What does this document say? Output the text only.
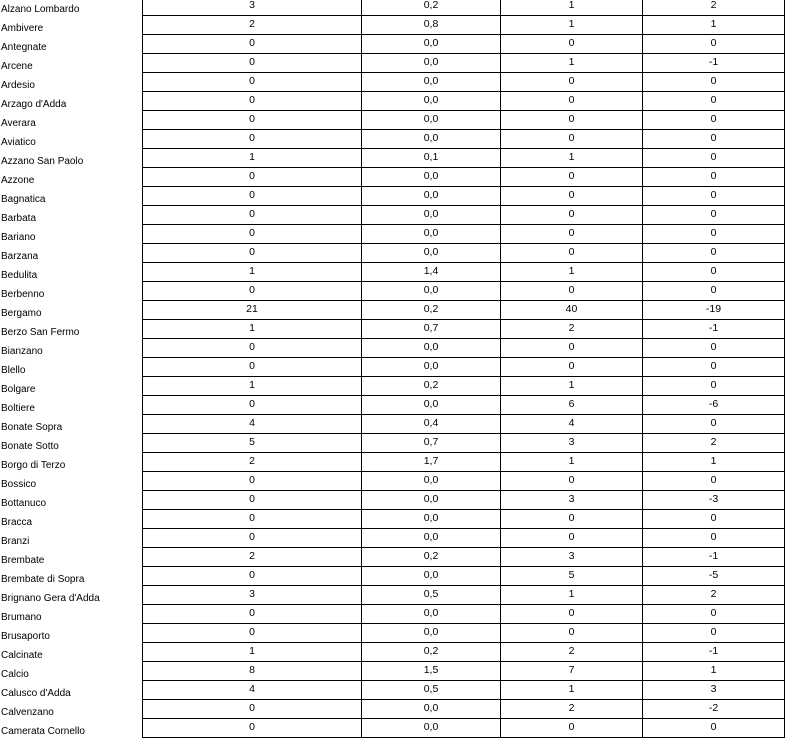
Alzano Lombardo	3	0,2	1	2
Ambivere	2	0,8	1	1
Antegnate	0	0,0	0	0
Arcene	0	0,0	1	-1
Ardesio	0	0,0	0	0
Arzago d'Adda	0	0,0	0	0
Averara	0	0,0	0	0
Aviatico	0	0,0	0	0
Azzano San Paolo	1	0,1	1	0
Azzone	0	0,0	0	0
Bagnatica	0	0,0	0	0
Barbata	0	0,0	0	0
Bariano	0	0,0	0	0
Barzana	0	0,0	0	0
Bedulita	1	1,4	1	0
Berbenno	0	0,0	0	0
Bergamo	21	0,2	40	-19
Berzo San Fermo	1	0,7	2	-1
Bianzano	0	0,0	0	0
Blello	0	0,0	0	0
Bolgare	1	0,2	1	0
Boltiere	0	0,0	6	-6
Bonate Sopra	4	0,4	4	0
Bonate Sotto	5	0,7	3	2
Borgo di Terzo	2	1,7	1	1
Bossico	0	0,0	0	0
Bottanuco	0	0,0	3	-3
Bracca	0	0,0	0	0
Branzi	0	0,0	0	0
Brembate	2	0,2	3	-1
Brembate di Sopra	0	0,0	5	-5
Brignano Gera d'Adda	3	0,5	1	2
Brumano	0	0,0	0	0
Brusaporto	0	0,0	0	0
Calcinate	1	0,2	2	-1
Calcio	8	1,5	7	1
Calusco d'Adda	4	0,5	1	3
Calvenzano	0	0,0	2	-2
Camerata Cornello	0	0,0	0	0
